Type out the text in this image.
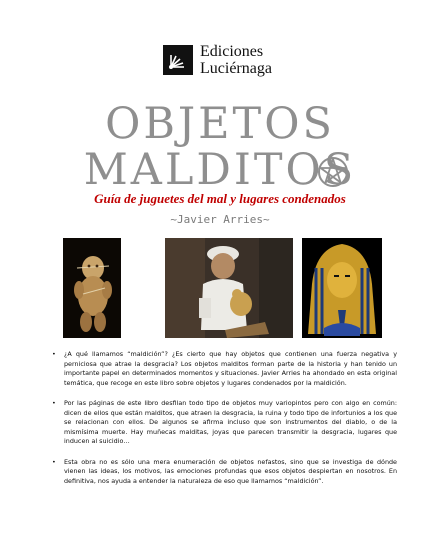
Ediciones
Luciérnaga
OBJETOS
MALDITOS
Guía de juguetes del mal y lugares condenados
~Javier Arries~
• ¿A qué llamamos “maldición”? ¿Es cierto que hay objetos que contienen una fuerza negativa y perniciosa que atrae la desgracia? Los objetos malditos forman parte de la historia y han tenido un importante papel en determinados momentos y situaciones. Javier Arries ha ahondado en esta original temática, que recoge en este libro sobre objetos y lugares condenados por la maldición.
• Por las páginas de este libro desfilan todo tipo de objetos muy variopintos pero con algo en común: dicen de ellos que están malditos, que atraen la desgracia, la ruina y todo tipo de infortunios a los que se relacionan con ellos. De algunos se afirma incluso que son instrumentos del diablo, o de la mismísima muerte. Hay muñecas malditas, joyas que parecen transmitir la desgracia, lugares que inducen al suicidio…
• Esta obra no es sólo una mera enumeración de objetos nefastos, sino que se investiga de dónde vienen las ideas, los motivos, las emociones profundas que esos objetos despiertan en nosotros. En definitiva, nos ayuda a entender la naturaleza de eso que llamamos “maldición”.
